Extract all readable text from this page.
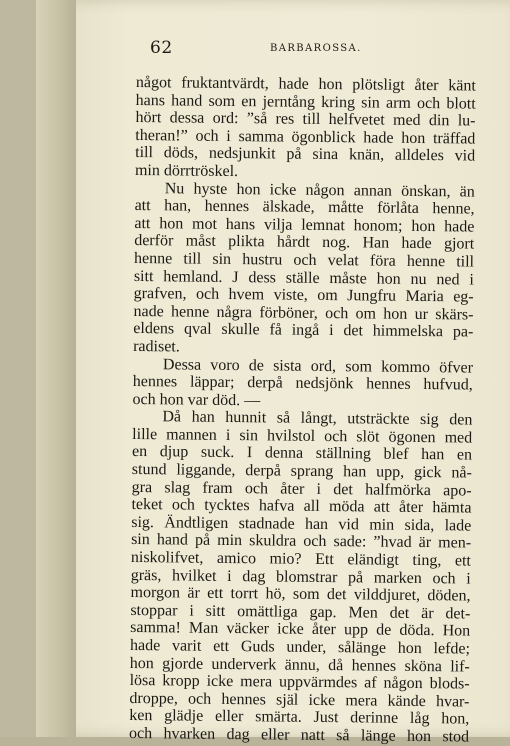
62	BARBAROSSA.
något fruktantvärdt, hade hon plötsligt åter känt
hans hand som en jerntång kring sin arm och blott
hört dessa ord: ”så res till helfvetet med din lu-
theran!” och i samma ögonblick hade hon träffad
till döds, nedsjunkit på sina knän, alldeles vid
min dörrtröskel.
Nu hyste hon icke någon annan önskan, än
att han, hennes älskade, måtte förlåta henne,
att hon mot hans vilja lemnat honom; hon hade
derför måst plikta hårdt nog. Han hade gjort
henne till sin hustru och velat föra henne till
sitt hemland. J dess ställe måste hon nu ned i
grafven, och hvem viste, om Jungfru Maria eg-
nade henne några förböner, och om hon ur skärs-
eldens qval skulle få ingå i det himmelska pa-
radiset.
Dessa voro de sista ord, som kommo öfver
hennes läppar; derpå nedsjönk hennes hufvud,
och hon var död. —
Då han hunnit så långt, utsträckte sig den
lille mannen i sin hvilstol och slöt ögonen med
en djup suck. I denna ställning blef han en
stund liggande, derpå sprang han upp, gick nå-
gra slag fram och åter i det halfmörka apo-
teket och tycktes hafva all möda att åter hämta
sig. Ändtligen stadnade han vid min sida, lade
sin hand på min skuldra och sade: ”hvad är men-
niskolifvet, amico mio? Ett eländigt ting, ett
gräs, hvilket i dag blomstrar på marken och i
morgon är ett torrt hö, som det vilddjuret, döden,
stoppar i sitt omättliga gap. Men det är det-
samma! Man väcker icke åter upp de döda. Hon
hade varit ett Guds under, sålänge hon lefde;
hon gjorde underverk ännu, då hennes sköna lif-
lösa kropp icke mera uppvärmdes af någon blods-
droppe, och hennes själ icke mera kände hvar-
ken glädje eller smärta. Just derinne låg hon,
och hvarken dag eller natt så länge hon stod
